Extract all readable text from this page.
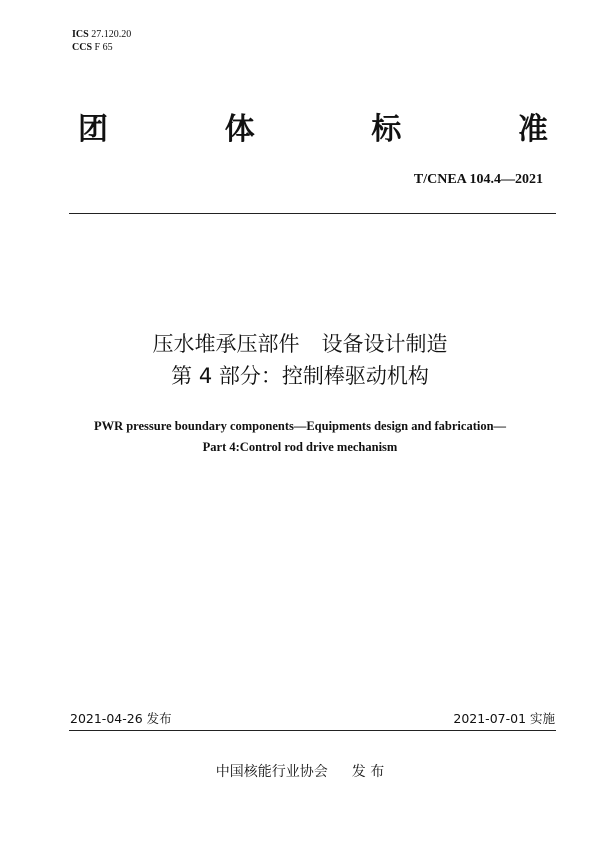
ICS 27.120.20
CCS F 65
团	体	标	准
T/CNEA 104.4—2021
压水堆承压部件 设备设计制造
第 4 部分：控制棒驱动机构
PWR pressure boundary components—Equipments design and fabrication—
Part 4:Control rod drive mechanism
2021-04-26 发布	2021-07-01 实施
中国核能行业协会 发 布
